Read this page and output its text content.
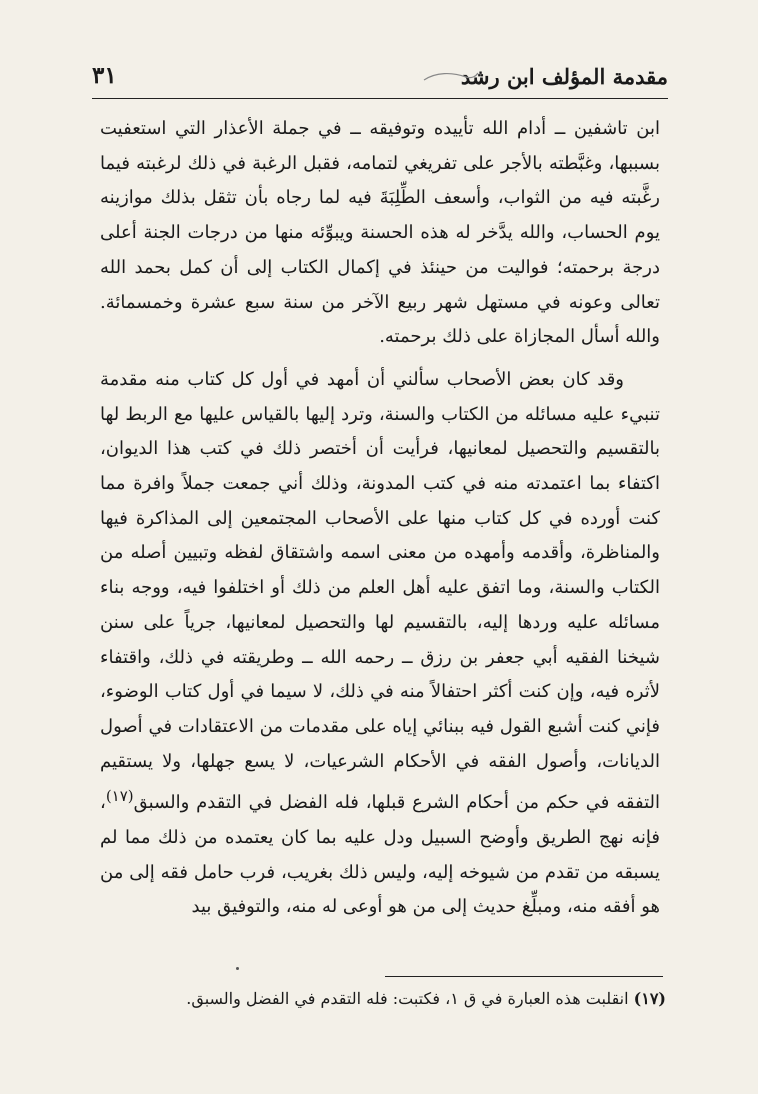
مقدمة المؤلف ابن رشد
٣١

ابن تاشفين ــ أدام الله تأييده وتوفيقه ــ في جملة الأعذار التي استعفيت بسببها، وغبَّطته بالأجر على تفريغي لتمامه، فقبل الرغبة في ذلك لرغبته فيما رغَّبته فيه من الثواب، وأسعف الطِّلِبَةَ فيه لما رجاه بأن تثقل بذلك موازينه يوم الحساب، والله يدَّخر له هذه الحسنة ويبوِّئه منها من درجات الجنة أعلى درجة برحمته؛ فواليت من حينئذ في إكمال الكتاب إلى أن كمل بحمد الله تعالى وعونه في مستهل شهر ربيع الآخر من سنة سبع عشرة وخمسمائة. والله أسأل المجازاة على ذلك برحمته.

وقد كان بعض الأصحاب سألني أن أمهد في أول كل كتاب منه مقدمة تنبيء عليه مسائله من الكتاب والسنة، وترد إليها بالقياس عليها مع الربط لها بالتقسيم والتحصيل لمعانيها، فرأيت أن أختصر ذلك في كتب هذا الديوان، اكتفاء بما اعتمدته منه في كتب المدونة، وذلك أني جمعت جملاً وافرة مما كنت أورده في كل كتاب منها على الأصحاب المجتمعين إلى المذاكرة فيها والمناظرة، وأقدمه وأمهده من معنى اسمه واشتقاق لفظه وتبيين أصله من الكتاب والسنة، وما اتفق عليه أهل العلم من ذلك أو اختلفوا فيه، ووجه بناء مسائله عليه وردها إليه، بالتقسيم لها والتحصيل لمعانيها، جرياً على سنن شيخنا الفقيه أبي جعفر بن رزق ــ رحمه الله ــ وطريقته في ذلك، واقتفاء لأثره فيه، وإن كنت أكثر احتفالاً منه في ذلك، لا سيما في أول كتاب الوضوء، فإني كنت أشبع القول فيه ببنائي إياه على مقدمات من الاعتقادات في أصول الديانات، وأصول الفقه في الأحكام الشرعيات، لا يسع جهلها، ولا يستقيم التفقه في حكم من أحكام الشرع قبلها، فله الفضل في التقدم والسبق$^{(١٧)}$، فإنه نهج الطريق وأوضح السبيل ودل عليه بما كان يعتمده من ذلك مما لم يسبقه من تقدم من شيوخه إليه، وليس ذلك بغريب، فرب حامل فقه إلى من هو أفقه منه، ومبلِّغ حديث إلى من هو أوعى له منه، والتوفيق بيد

(١٧) انقلبت هذه العبارة في ق ١، فكتبت: فله التقدم في الفضل والسبق.
